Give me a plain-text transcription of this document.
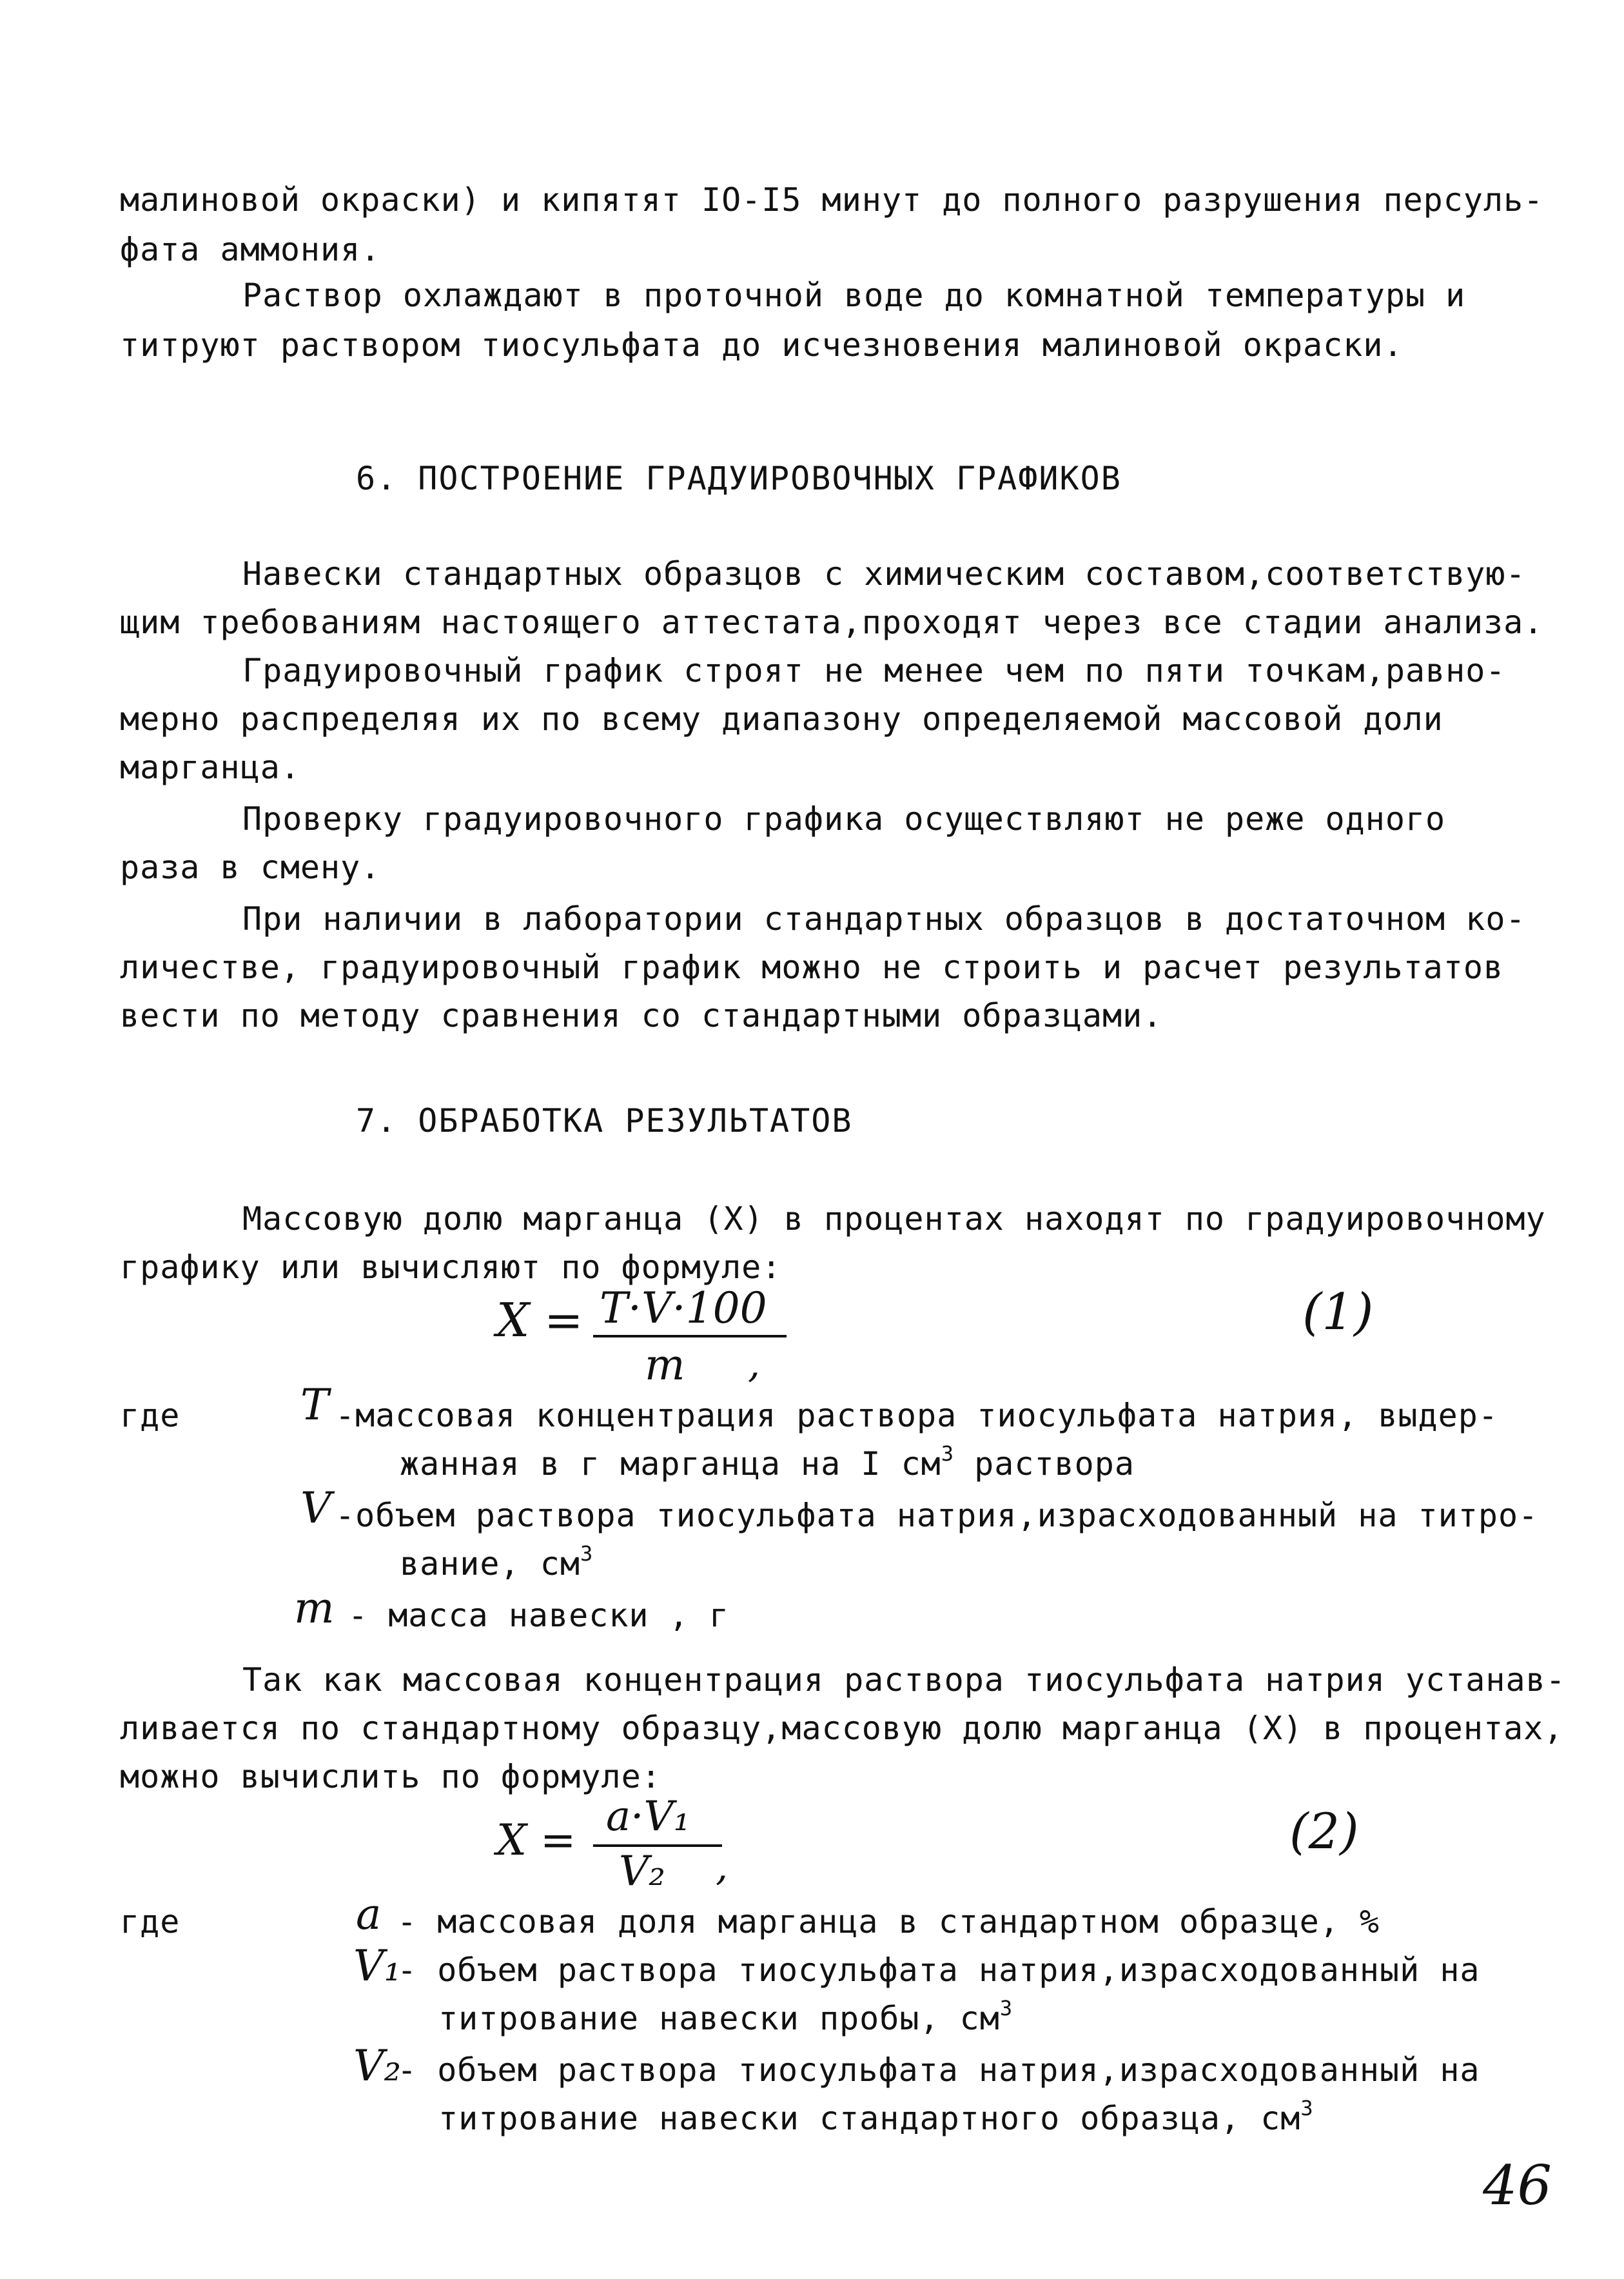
малиновой окраски) и кипятят IO-I5 минут до полного разрушения персуль-
фата аммония.
Раствор охлаждают в проточной воде до комнатной температуры и
титруют раствором тиосульфата до исчезновения малиновой окраски.
6. ПОСТРОЕНИЕ ГРАДУИРОВОЧНЫХ ГРАФИКОВ
Навески стандартных образцов с химическим составом,соответствую-
щим требованиям настоящего аттестата,проходят через все стадии анализа.
Градуировочный график строят не менее чем по пяти точкам,равно-
мерно распределяя их по всему диапазону определяемой массовой доли
марганца.
Проверку градуировочного графика осуществляют не реже одного
раза в смену.
При наличии в лаборатории стандартных образцов в достаточном ко-
личестве, градуировочный график можно не строить и расчет результатов
вести по методу сравнения со стандартными образцами.
7. ОБРАБОТКА РЕЗУЛЬТАТОВ
Массовую долю марганца (X) в процентах находят по градуировочному
графику или вычисляют по формуле:
X = T·V·100
m ,
(1)
где	T -массовая концентрация раствора тиосульфата натрия, выдер-
жанная в г марганца на I $см^3$ раствора
V -объем раствора тиосульфата натрия,израсходованный на титро-
вание, $см^3$
m - масса навески , г
Так как массовая концентрация раствора тиосульфата натрия устанав-
ливается по стандартному образцу,массовую долю марганца (X) в процентах,
можно вычислить по формуле:
X = a·V₁
V₂ ,
(2)
где	a - массовая доля марганца в стандартном образце, %
V₁
- объем раствора тиосульфата натрия,израсходованный на
титрование навески пробы, $см^3$
V₂
- объем раствора тиосульфата натрия,израсходованный на
титрование навески стандартного образца, $см^3$
46
